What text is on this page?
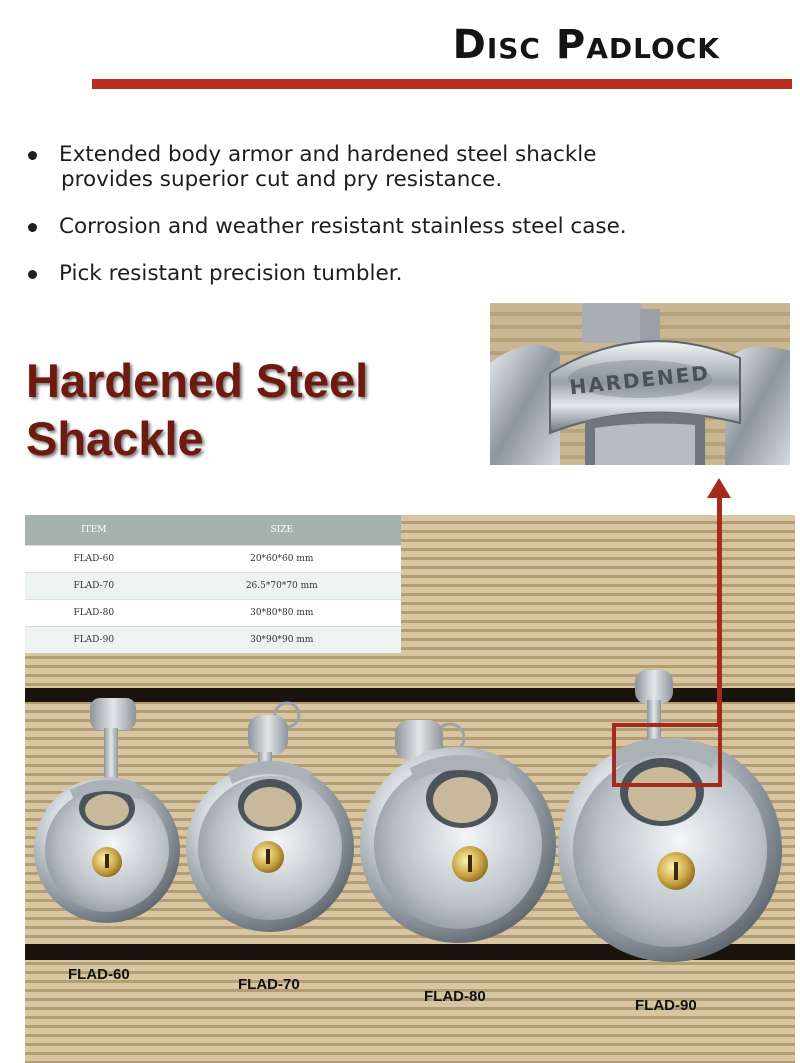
Disc Padlock
Extended body armor and hardened steel shackle
provides superior cut and pry resistance.
Corrosion and weather resistant stainless steel case.
Pick resistant precision tumbler.
Hardened Steel
Shackle
HARDENED
ITEM	SIZE
FLAD-60	20*60*60 mm
FLAD-70	26.5*70*70 mm
FLAD-80	30*80*80 mm
FLAD-90	30*90*90 mm
FLAD-60
FLAD-70
FLAD-80
FLAD-90
